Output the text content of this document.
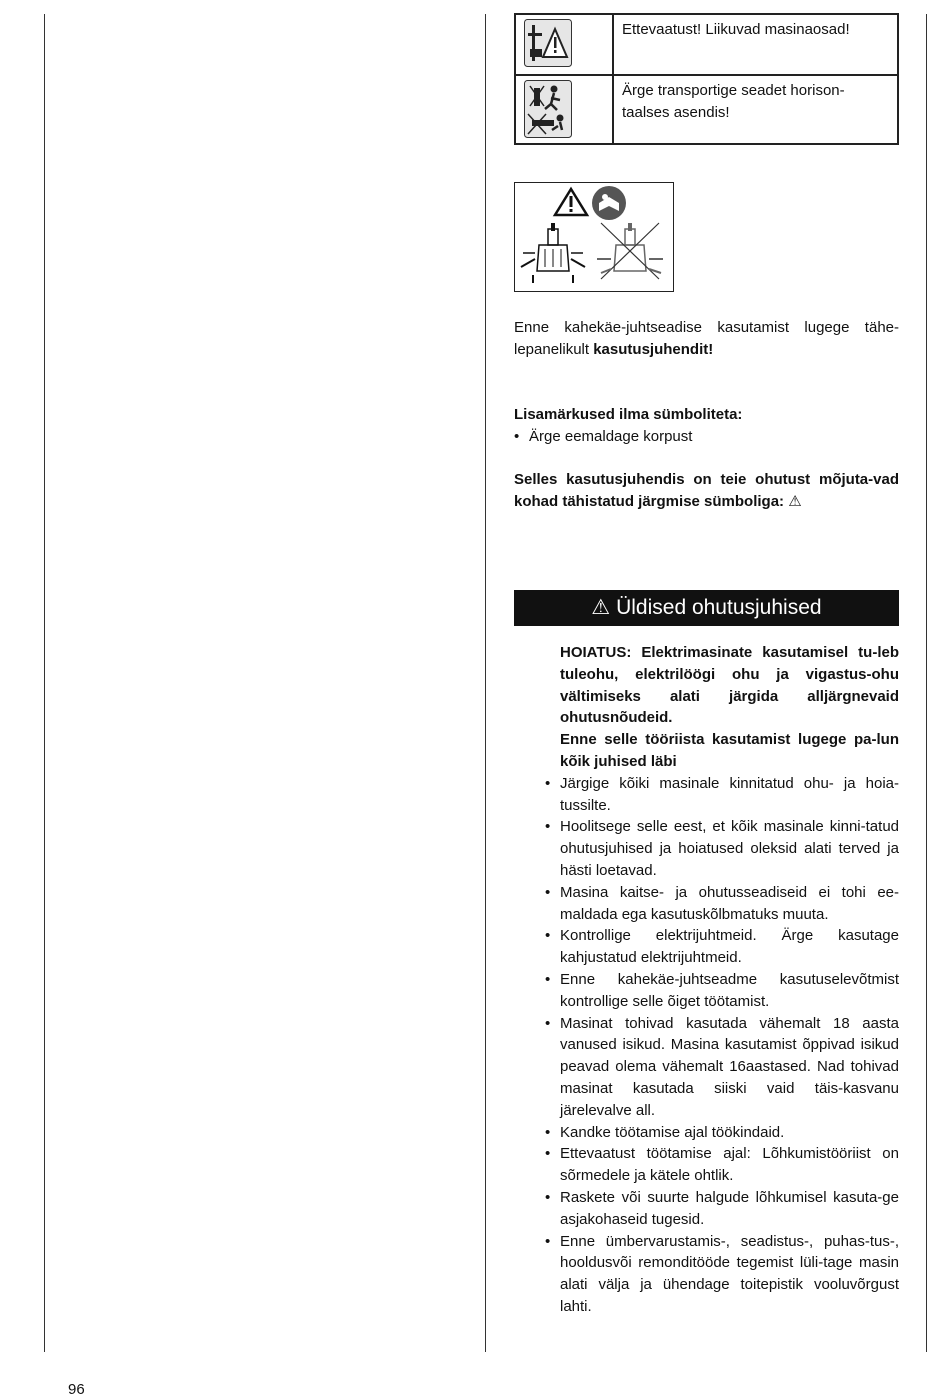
	Ettevaatust! Liikuvad masinaosad!
	Ärge transportige seadet horison-taalses asendis!

Enne kahekäe-juhtseadise kasutamist lugege tähe-lepanelikult kasutusjuhendit!

Lisamärkused ilma sümboliteta:

• Ärge eemaldage korpust

Selles kasutusjuhendis on teie ohutust mõjuta-vad kohad tähistatud järgmise sümboliga: ⚠

⚠ Üldised ohutusjuhised

HOIATUS: Elektrimasinate kasutamisel tu-leb tuleohu, elektrilöögi ohu ja vigastus-ohu vältimiseks alati järgida alljärgnevaid ohutusnõudeid.

Enne selle tööriista kasutamist lugege pa-lun kõik juhised läbi

• Järgige kõiki masinale kinnitatud ohu- ja hoia-tussilte.
• Hoolitsege selle eest, et kõik masinale kinni-tatud ohutusjuhised ja hoiatused oleksid alati terved ja hästi loetavad.
• Masina kaitse- ja ohutusseadiseid ei tohi ee-maldada ega kasutuskõlbmatuks muuta.
• Kontrollige elektrijuhtmeid. Ärge kasutage kahjustatud elektrijuhtmeid.
• Enne kahekäe-juhtseadme kasutuselevõtmist kontrollige selle õiget töötamist.
• Masinat tohivad kasutada vähemalt 18 aasta vanused isikud. Masina kasutamist õppivad isikud peavad olema vähemalt 16aastased. Nad tohivad masinat kasutada siiski vaid täis-kasvanu järelevalve all.
• Kandke töötamise ajal töökindaid.
• Ettevaatust töötamise ajal: Lõhkumistööriist on sõrmedele ja kätele ohtlik.
• Raskete või suurte halgude lõhkumisel kasuta-ge asjakohaseid tugesid.
• Enne ümbervarustamis-, seadistus-, puhas-tus-, hooldusvõi remonditööde tegemist lüli-tage masin alati välja ja ühendage toitepistik vooluvõrgust lahti.
96
